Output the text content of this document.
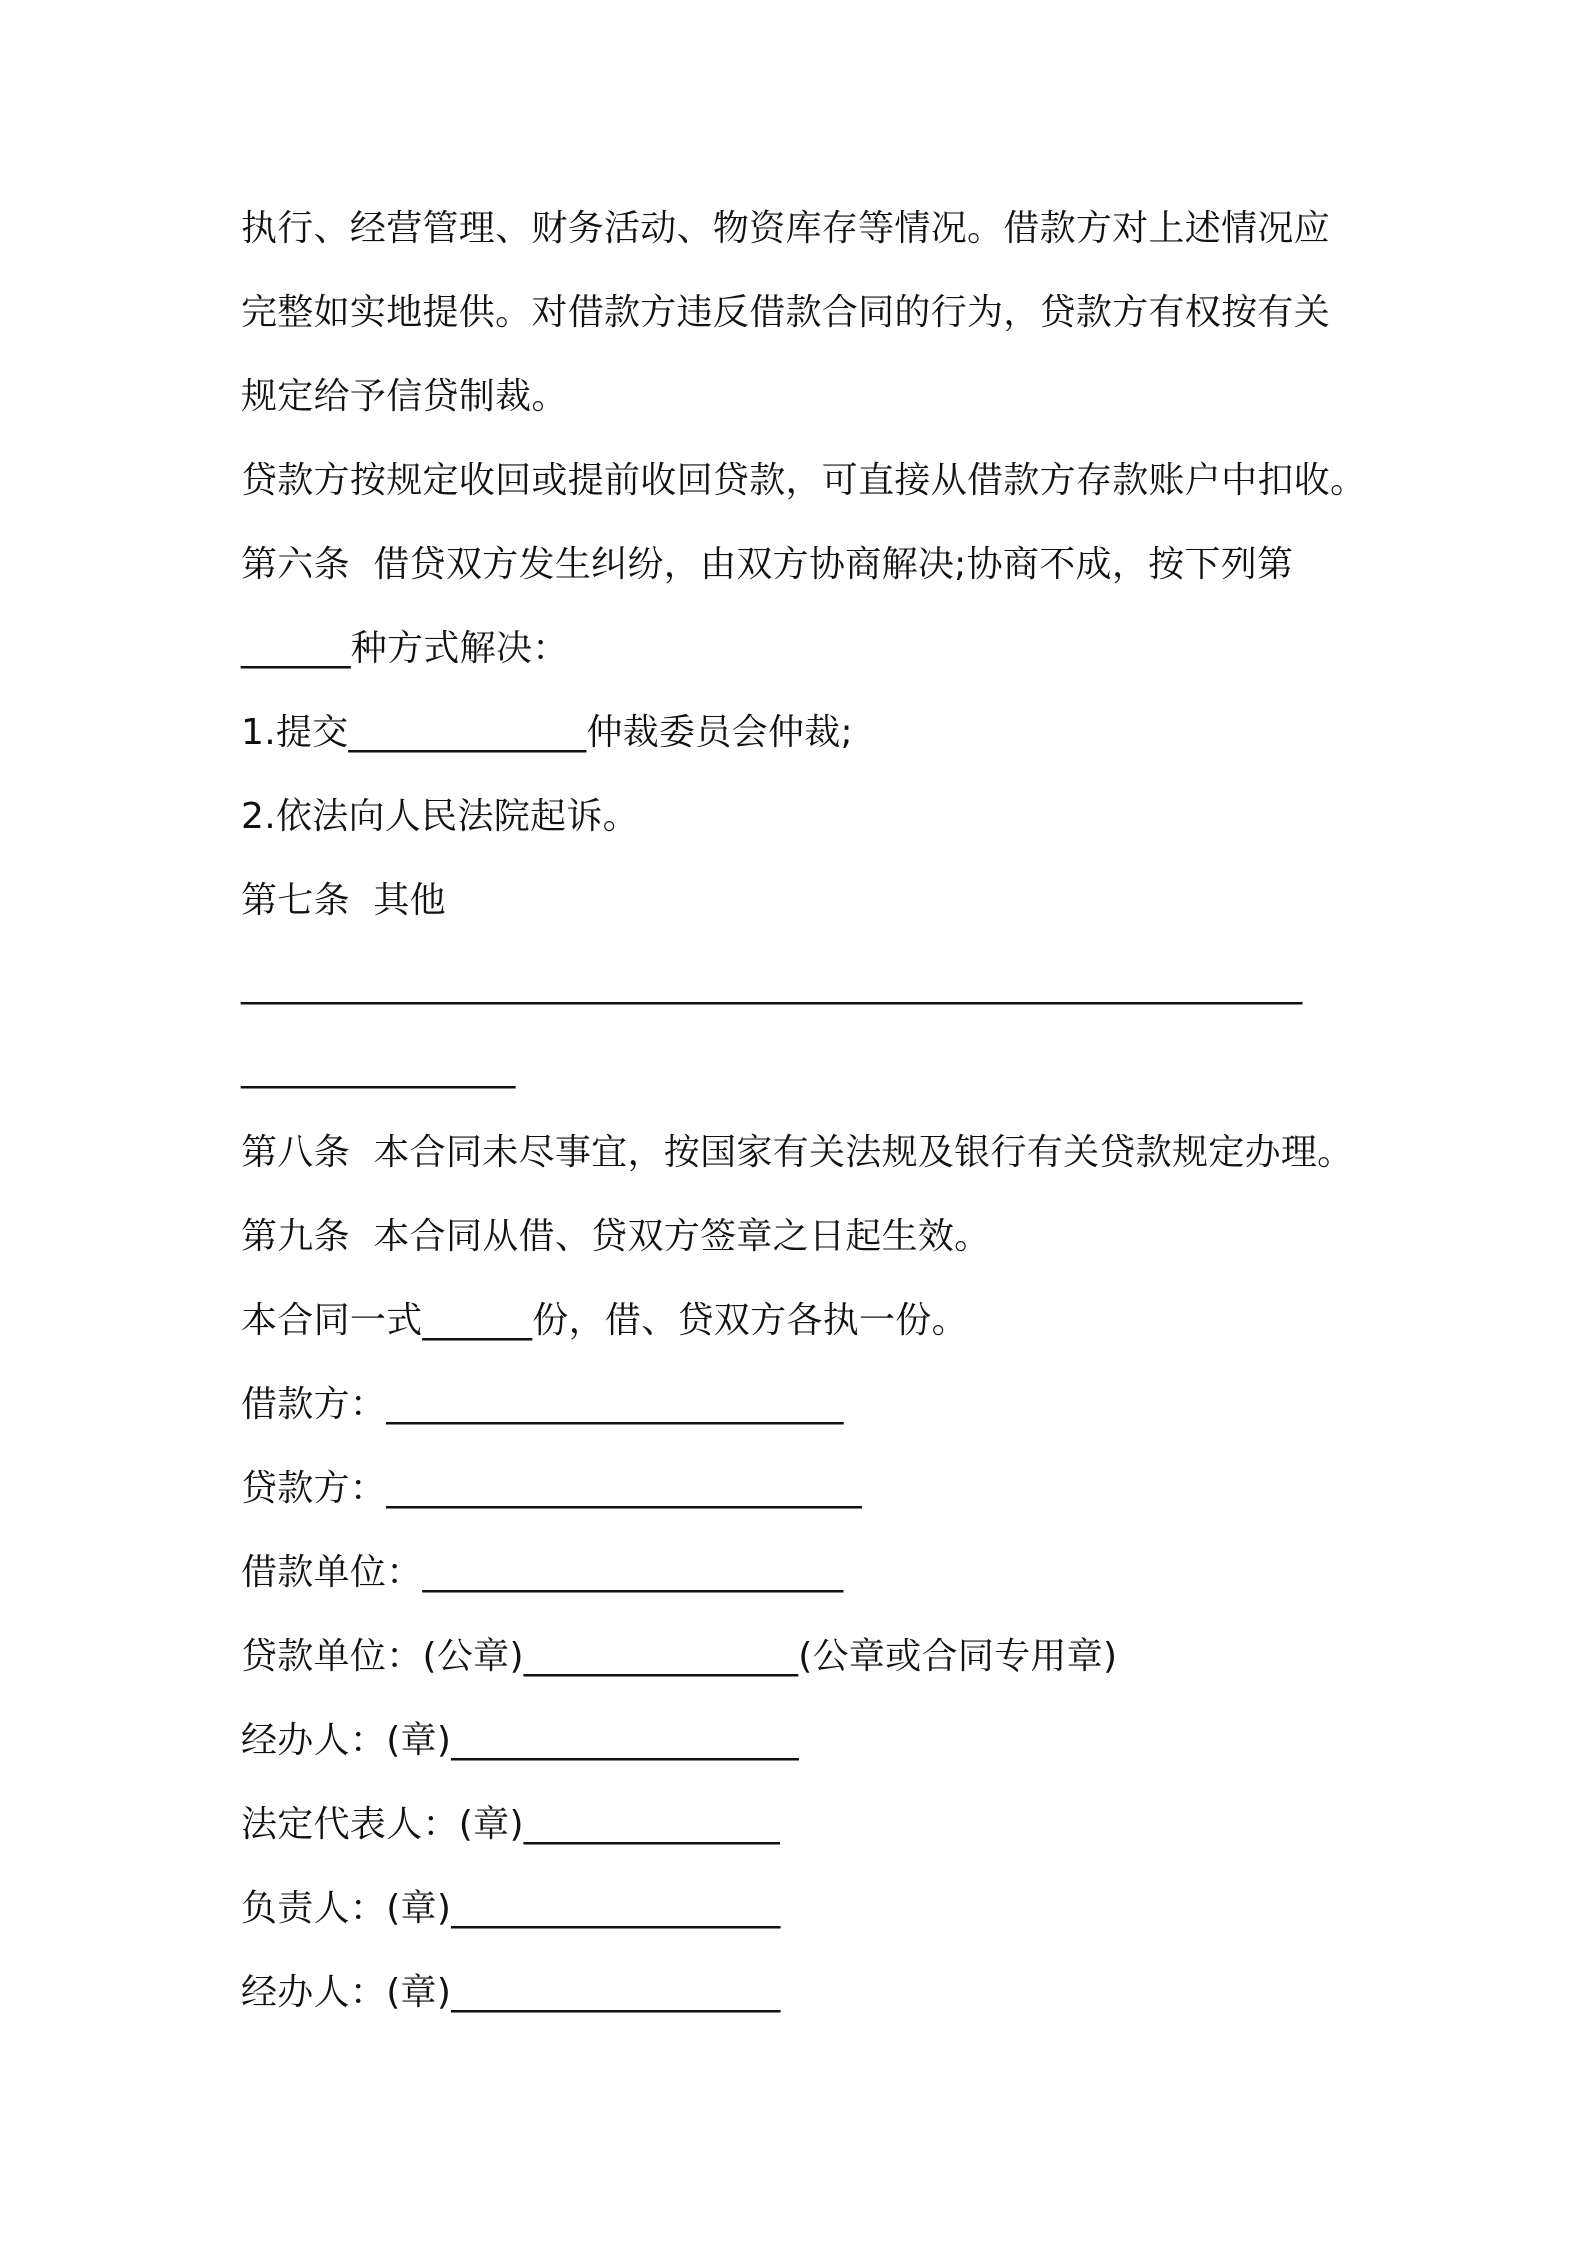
执行、经营管理、财务活动、物资库存等情况。借款方对上述情况应
完整如实地提供。对借款方违反借款合同的行为，贷款方有权按有关
规定给予信贷制裁。
贷款方按规定收回或提前收回贷款，可直接从借款方存款账户中扣收。
第六条  借贷双方发生纠纷，由双方协商解决;协商不成，按下列第
______种方式解决：
1.提交_____________仲裁委员会仲裁;
2.依法向人民法院起诉。
第七条  其他
__________________________________________________________
_______________
第八条  本合同未尽事宜，按国家有关法规及银行有关贷款规定办理。
第九条  本合同从借、贷双方签章之日起生效。
本合同一式______份，借、贷双方各执一份。
借款方：_________________________
贷款方：__________________________
借款单位：_______________________
贷款单位：(公章)_______________(公章或合同专用章)
经办人：(章)___________________
法定代表人：(章)______________
负责人：(章)__________________
经办人：(章)__________________
